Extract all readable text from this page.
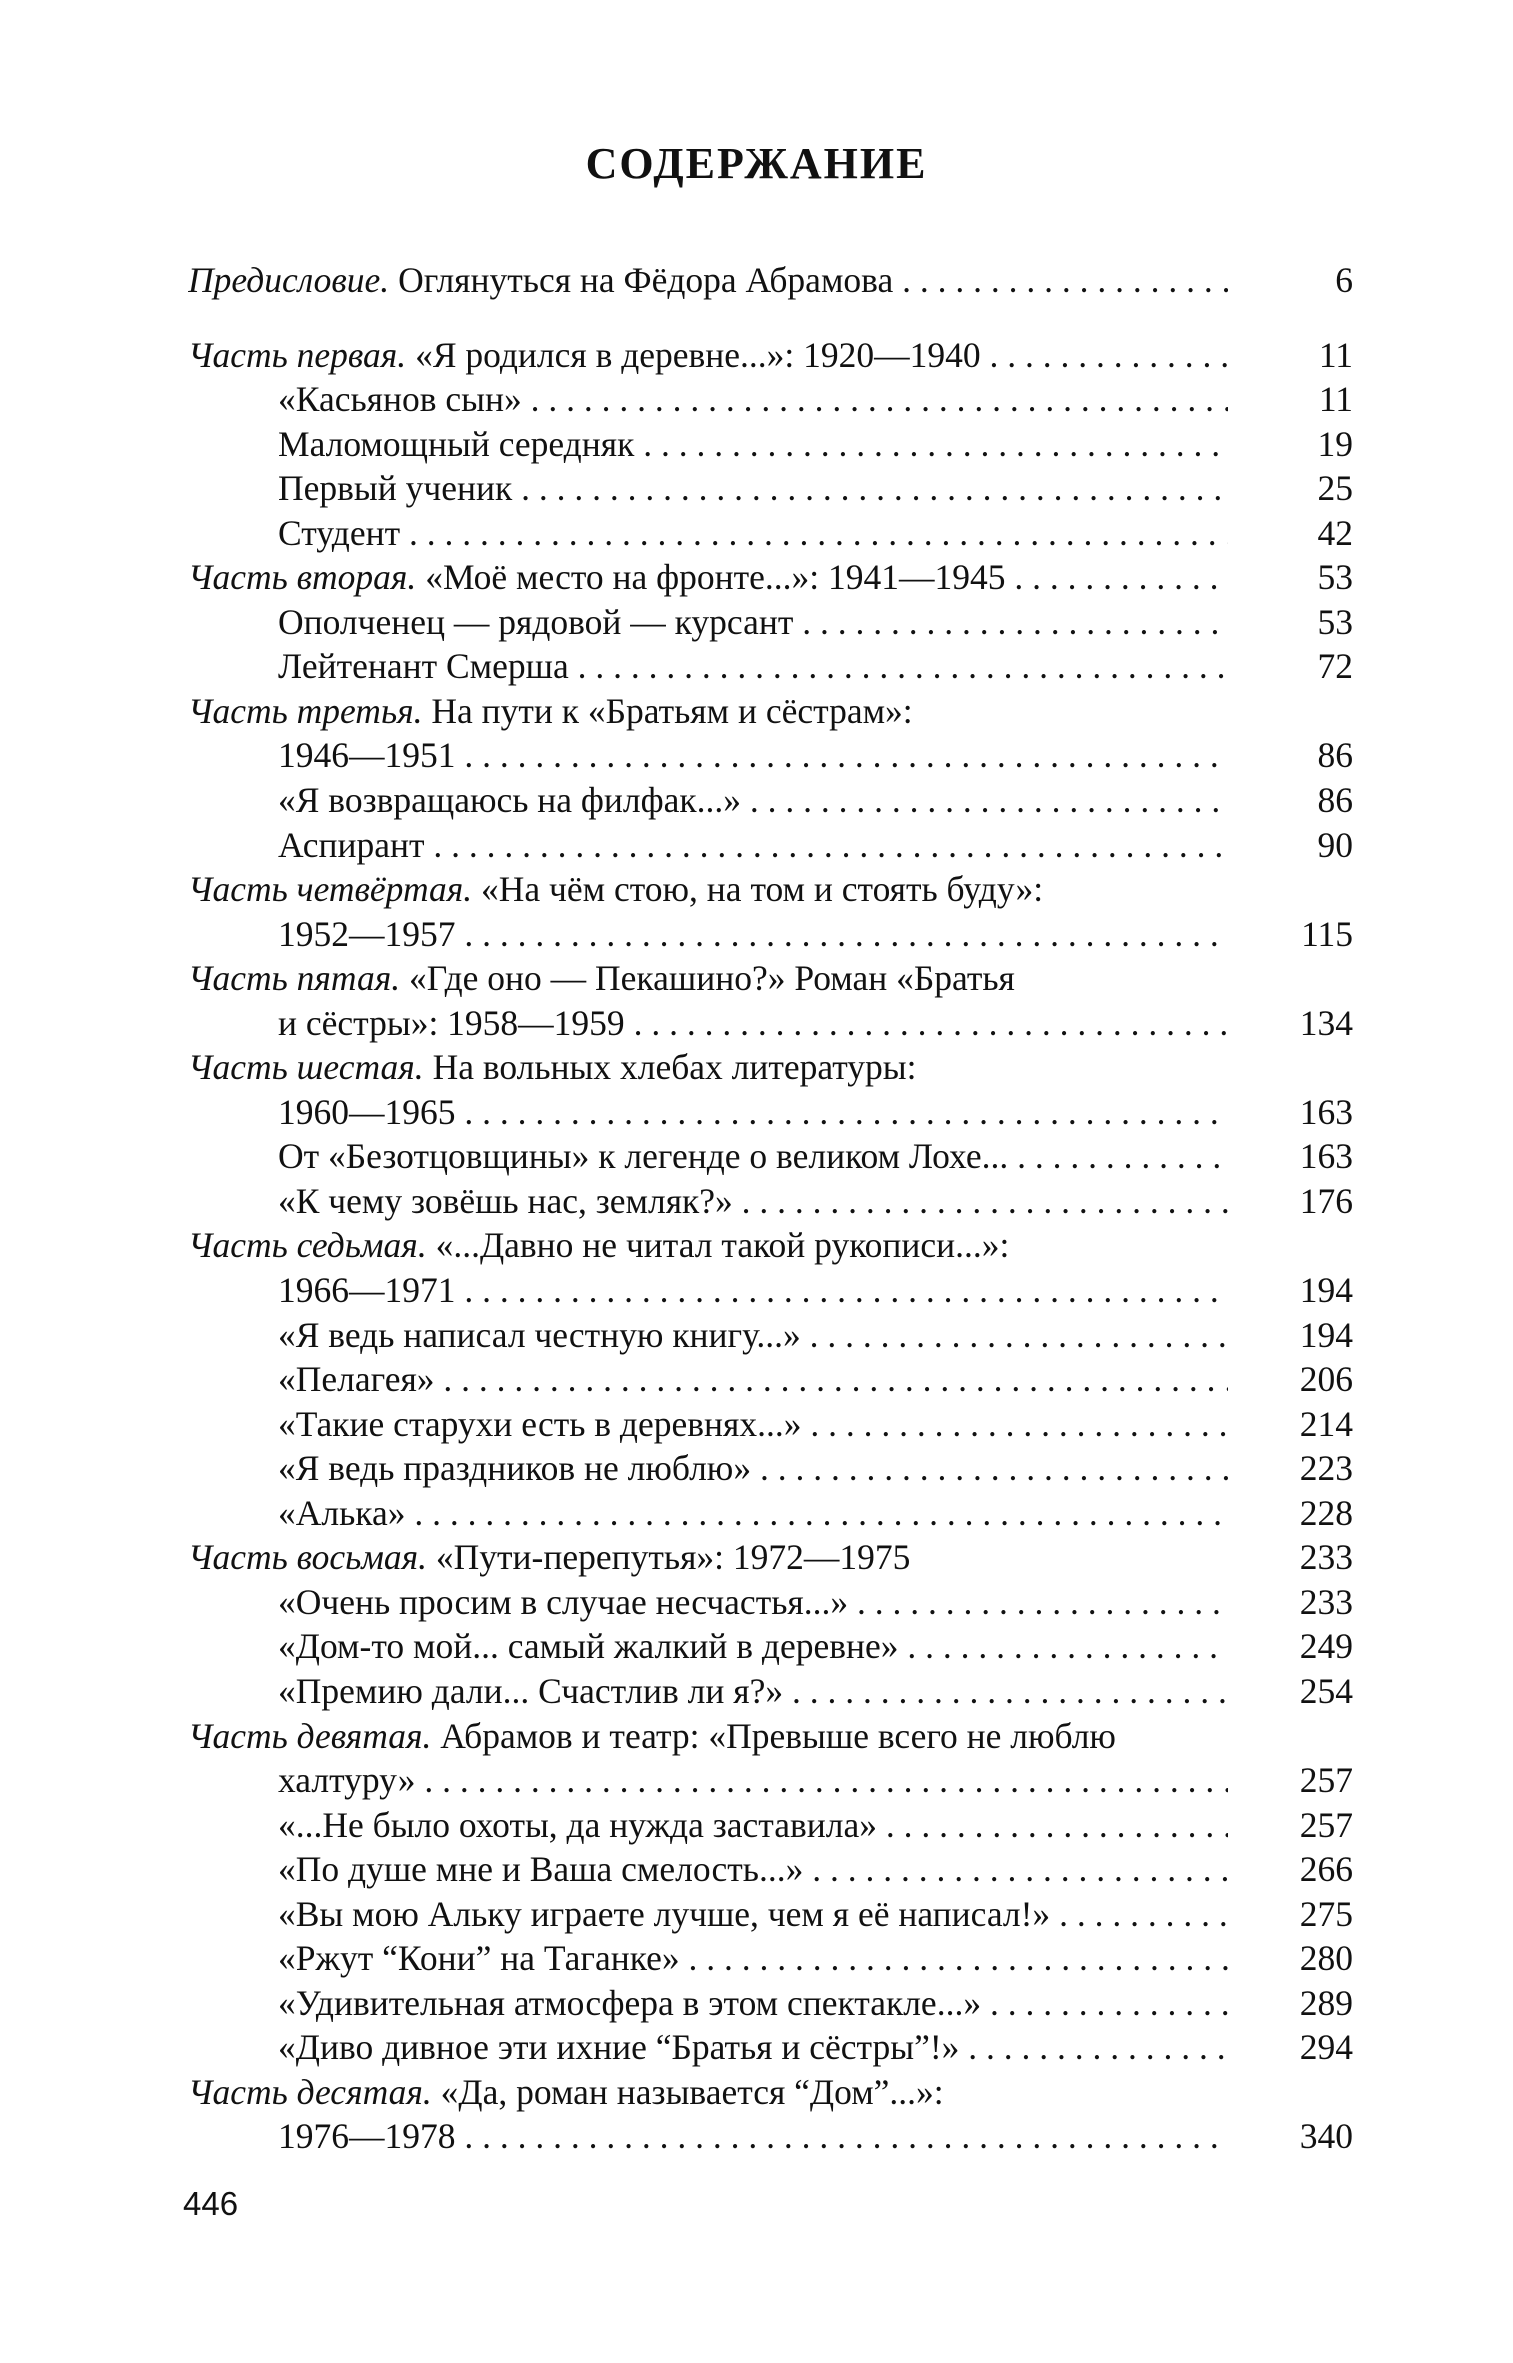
СОДЕРЖАНИЕ
Предисловие. Оглянуться на Фёдора Абрамова . . .	6
Часть первая. «Я родился в деревне...»: 1920—1940 . . .	11
«Касьянов сын» . . .	11
Маломощный середняк . . .	19
Первый ученик . . .	25
Студент . . .	42
Часть вторая. «Моё место на фронте...»: 1941—1945 . . .	53
Ополченец — рядовой — курсант . . .	53
Лейтенант Смерша . . .	72
Часть третья. На пути к «Братьям и сёстрам»:
1946—1951 . . .	86
«Я возвращаюсь на филфак...» . . .	86
Аспирант . . .	90
Часть четвёртая. «На чём стою, на том и стоять буду»:
1952—1957 . . .	115
Часть пятая. «Где оно — Пекашино?» Роман «Братья
и сёстры»: 1958—1959 . . .	134
Часть шестая. На вольных хлебах литературы:
1960—1965 . . .	163
От «Безотцовщины» к легенде о великом Лохе... . . .	163
«К чему зовёшь нас, земляк?» . . .	176
Часть седьмая. «...Давно не читал такой рукописи...»:
1966—1971 . . .	194
«Я ведь написал честную книгу...» . . .	194
«Пелагея» . . .	206
«Такие старухи есть в деревнях...» . . .	214
«Я ведь праздников не люблю» . . .	223
«Алька» . . .	228
Часть восьмая. «Пути-перепутья»: 1972—1975	233
«Очень просим в случае несчастья...» . . .	233
«Дом-то мой... самый жалкий в деревне» . . .	249
«Премию дали... Счастлив ли я?» . . .	254
Часть девятая. Абрамов и театр: «Превыше всего не люблю
халтуру» . . .	257
«...Не было охоты, да нужда заставила» . . .	257
«По душе мне и Ваша смелость...» . . .	266
«Вы мою Альку играете лучше, чем я её написал!» . . .	275
«Ржут “Кони” на Таганке» . . .	280
«Удивительная атмосфера в этом спектакле...» . . .	289
«Диво дивное эти ихние “Братья и сёстры”!» . . .	294
Часть десятая. «Да, роман называется “Дом”...»:
1976—1978 . . .	340
446
